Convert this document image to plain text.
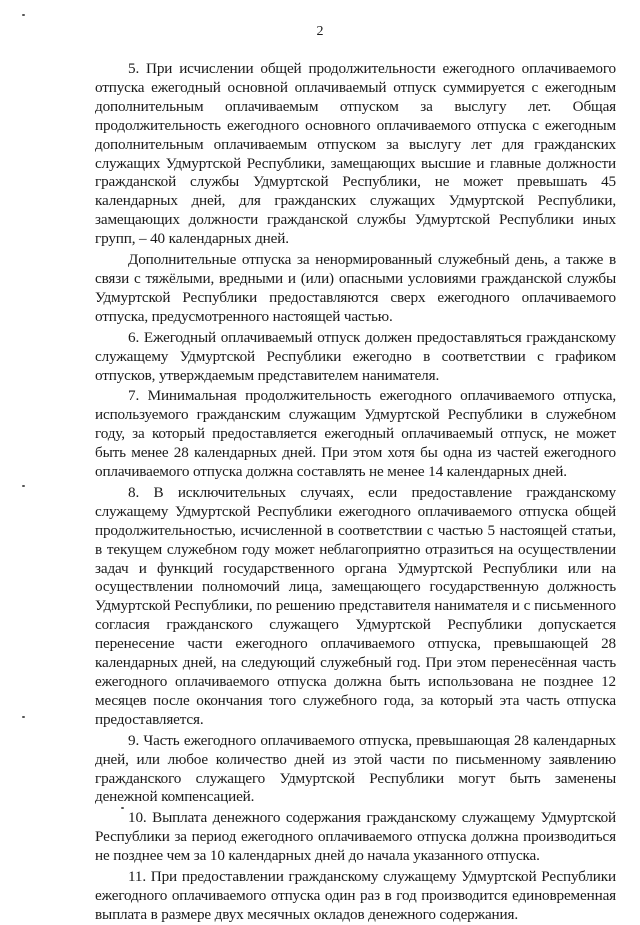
2

5. При исчислении общей продолжительности ежегодного оплачиваемого отпуска ежегодный основной оплачиваемый отпуск суммируется с ежегодным дополнительным оплачиваемым отпуском за выслугу лет. Общая продолжительность ежегодного основного оплачиваемого отпуска с ежегодным дополнительным оплачиваемым отпуском за выслугу лет для гражданских служащих Удмуртской Республики, замещающих высшие и главные должности гражданской службы Удмуртской Республики, не может превышать 45 календарных дней, для гражданских служащих Удмуртской Республики, замещающих должности гражданской службы Удмуртской Республики иных групп, – 40 календарных дней.

Дополнительные отпуска за ненормированный служебный день, а также в связи с тяжёлыми, вредными и (или) опасными условиями гражданской службы Удмуртской Республики предоставляются сверх ежегодного оплачиваемого отпуска, предусмотренного настоящей частью.

6. Ежегодный оплачиваемый отпуск должен предоставляться гражданскому служащему Удмуртской Республики ежегодно в соответствии с графиком отпусков, утверждаемым представителем нанимателя.

7. Минимальная продолжительность ежегодного оплачиваемого отпуска, используемого гражданским служащим Удмуртской Республики в служебном году, за который предоставляется ежегодный оплачиваемый отпуск, не может быть менее 28 календарных дней. При этом хотя бы одна из частей ежегодного оплачиваемого отпуска должна составлять не менее 14 календарных дней.

8. В исключительных случаях, если предоставление гражданскому служащему Удмуртской Республики ежегодного оплачиваемого отпуска общей продолжительностью, исчисленной в соответствии с частью 5 настоящей статьи, в текущем служебном году может неблагоприятно отразиться на осуществлении задач и функций государственного органа Удмуртской Республики или на осуществлении полномочий лица, замещающего государственную должность Удмуртской Республики, по решению представителя нанимателя и с письменного согласия гражданского служащего Удмуртской Республики допускается перенесение части ежегодного оплачиваемого отпуска, превышающей 28 календарных дней, на следующий служебный год. При этом перенесённая часть ежегодного оплачиваемого отпуска должна быть использована не позднее 12 месяцев после окончания того служебного года, за который эта часть отпуска предоставляется.

9. Часть ежегодного оплачиваемого отпуска, превышающая 28 календарных дней, или любое количество дней из этой части по письменному заявлению гражданского служащего Удмуртской Республики могут быть заменены денежной компенсацией.

10. Выплата денежного содержания гражданскому служащему Удмуртской Республики за период ежегодного оплачиваемого отпуска должна производиться не позднее чем за 10 календарных дней до начала указанного отпуска.

11. При предоставлении гражданскому служащему Удмуртской Республики ежегодного оплачиваемого отпуска один раз в год производится единовременная выплата в размере двух месячных окладов денежного содержания.
